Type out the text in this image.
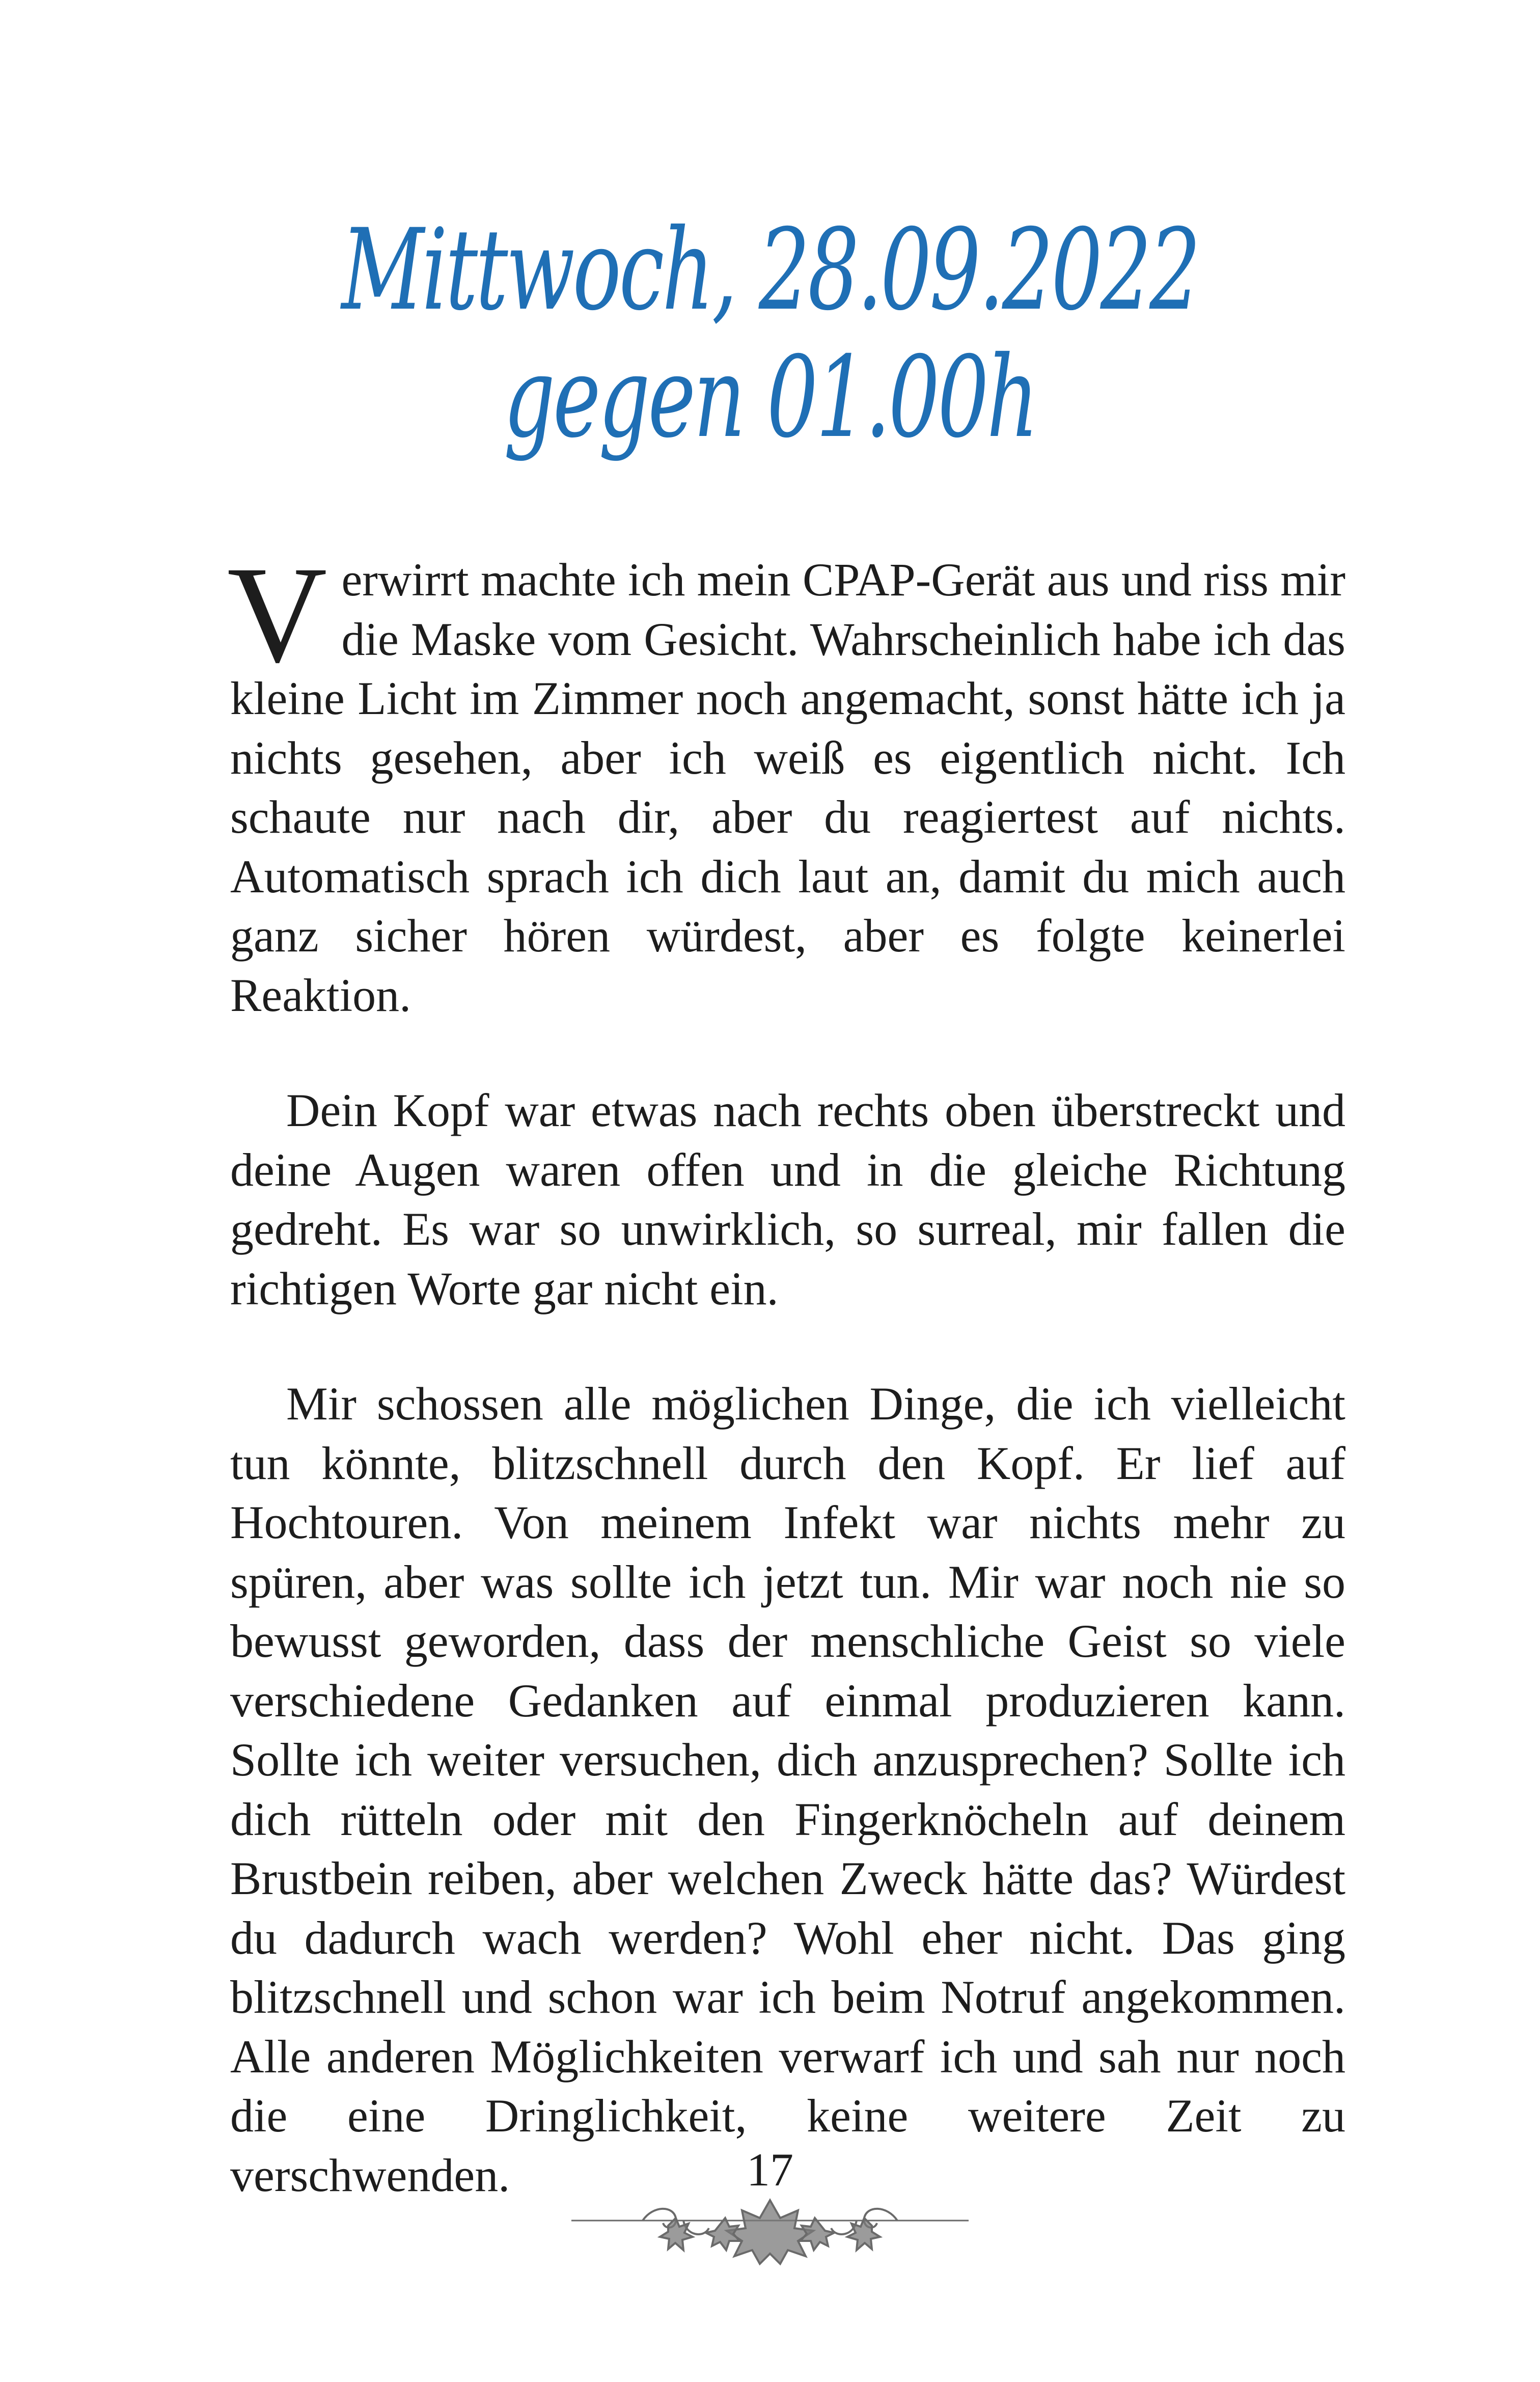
Mittwoch, 28.09.2022
gegen 01.00h

Verwirrt machte ich mein CPAP-Gerät aus und riss mir die Maske vom Gesicht. Wahrscheinlich habe ich das kleine Licht im Zimmer noch angemacht, sonst hätte ich ja nichts gesehen, aber ich weiß es eigentlich nicht. Ich schaute nur nach dir, aber du reagiertest auf nichts. Automatisch sprach ich dich laut an, damit du mich auch ganz sicher hören würdest, aber es folgte keinerlei Reaktion.

Dein Kopf war etwas nach rechts oben überstreckt und deine Augen waren offen und in die gleiche Richtung gedreht. Es war so unwirklich, so surreal, mir fallen die richtigen Worte gar nicht ein.

Mir schossen alle möglichen Dinge, die ich vielleicht tun könnte, blitzschnell durch den Kopf. Er lief auf Hochtouren. Von meinem Infekt war nichts mehr zu spüren, aber was sollte ich jetzt tun. Mir war noch nie so bewusst geworden, dass der menschliche Geist so viele verschiedene Gedanken auf einmal produzieren kann. Sollte ich weiter versuchen, dich anzusprechen? Sollte ich dich rütteln oder mit den Fingerknöcheln auf deinem Brustbein reiben, aber welchen Zweck hätte das? Würdest du dadurch wach werden? Wohl eher nicht. Das ging blitzschnell und schon war ich beim Notruf angekommen. Alle anderen Möglichkeiten verwarf ich und sah nur noch die eine Dringlichkeit, keine weitere Zeit zu verschwenden.	17
